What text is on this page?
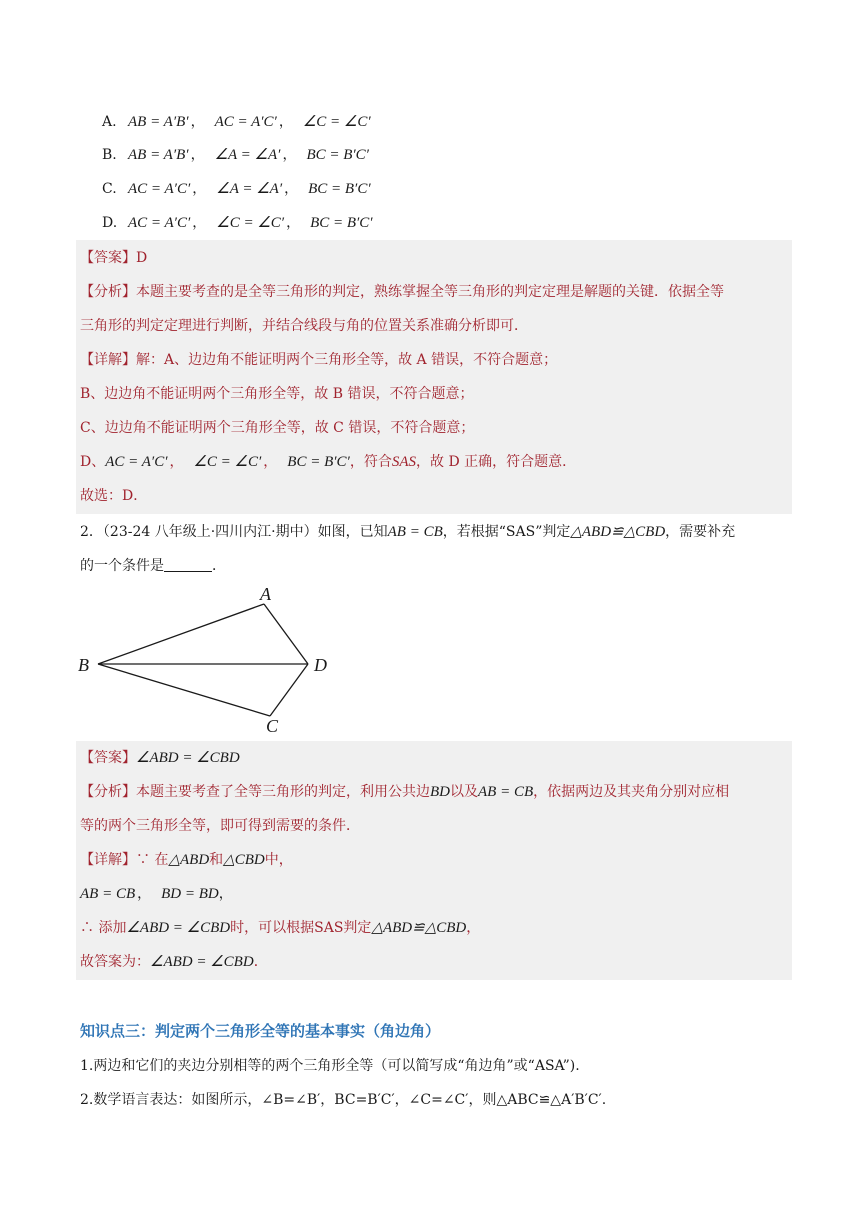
A. AB = A′B′ ， AC = A′C′ ， ∠C = ∠C′
B. AB = A′B′ ， ∠A = ∠A′ ， BC = B′C′
C. AC = A′C′ ， ∠A = ∠A′ ， BC = B′C′
D. AC = A′C′ ， ∠C = ∠C′ ， BC = B′C′
【答案】D
【分析】本题主要考查的是全等三角形的判定，熟练掌握全等三角形的判定定理是解题的关键．依据全等
三角形的判定定理进行判断，并结合线段与角的位置关系准确分析即可．
【详解】解：A、边边角不能证明两个三角形全等，故 A 错误，不符合题意；
B、边边角不能证明两个三角形全等，故 B 错误，不符合题意；
C、边边角不能证明两个三角形全等，故 C 错误，不符合题意；
D、AC = A′C′ ， ∠C = ∠C′ ， BC = B′C′，符合SAS，故 D 正确，符合题意．
故选：D．
2．（23-24 八年级上·四川内江·期中）如图，已知AB = CB，若根据“SAS”判定△ABD≌△CBD，需要补充
的一个条件是	．
A
B	D
C
【答案】∠ABD = ∠CBD
【分析】本题主要考查了全等三角形的判定，利用公共边BD以及AB = CB，依据两边及其夹角分别对应相
等的两个三角形全等，即可得到需要的条件．
【详解】∵ 在△ABD和△CBD中，
AB = CB ， BD = BD，
∴ 添加∠ABD = ∠CBD时，可以根据SAS判定△ABD≌△CBD，
故答案为：∠ABD = ∠CBD．
知识点三：判定两个三角形全等的基本事实（角边角）
1.两边和它们的夹边分别相等的两个三角形全等（可以简写成“角边角”或“ASA”).
2.数学语言表达：如图所示，∠B=∠B′，BC=B′C′，∠C=∠C′，则△ABC≌△A′B′C′.
